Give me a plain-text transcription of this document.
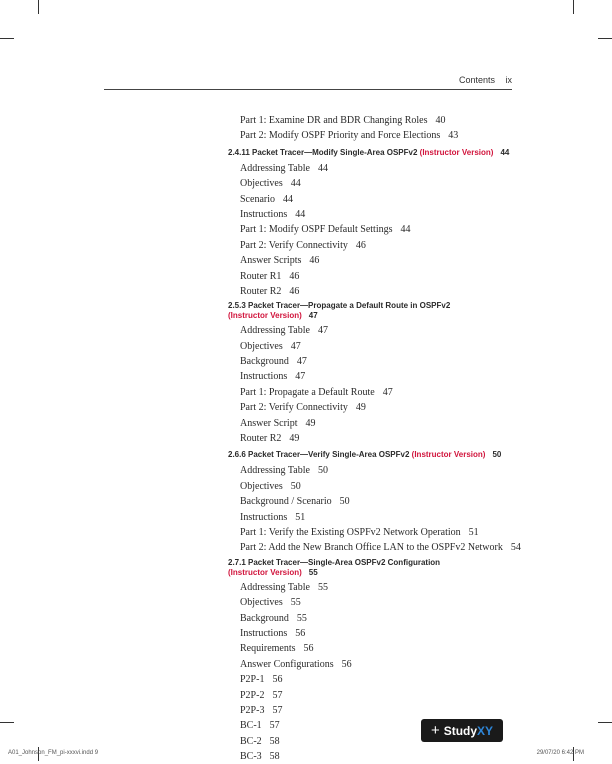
Contents ix
Part 1: Examine DR and BDR Changing Roles 40
Part 2: Modify OSPF Priority and Force Elections 43
2.4.11 Packet Tracer—Modify Single-Area OSPFv2 (Instructor Version) 44
Addressing Table 44
Objectives 44
Scenario 44
Instructions 44
Part 1: Modify OSPF Default Settings 44
Part 2: Verify Connectivity 46
Answer Scripts 46
Router R1 46
Router R2 46
2.5.3 Packet Tracer—Propagate a Default Route in OSPFv2
(Instructor Version) 47
Addressing Table 47
Objectives 47
Background 47
Instructions 47
Part 1: Propagate a Default Route 47
Part 2: Verify Connectivity 49
Answer Script 49
Router R2 49
2.6.6 Packet Tracer—Verify Single-Area OSPFv2 (Instructor Version) 50
Addressing Table 50
Objectives 50
Background / Scenario 50
Instructions 51
Part 1: Verify the Existing OSPFv2 Network Operation 51
Part 2: Add the New Branch Office LAN to the OSPFv2 Network 54
2.7.1 Packet Tracer—Single-Area OSPFv2 Configuration
(Instructor Version) 55
Addressing Table 55
Objectives 55
Background 55
Instructions 56
Requirements 56
Answer Configurations 56
P2P-1 56
P2P-2 57
P2P-3 57
BC-1 57
BC-2 58
BC-3 58
+ Study XY
A01_Johnson_FM_pi-xxxvi.indd 9	29/07/20 6:42 PM
